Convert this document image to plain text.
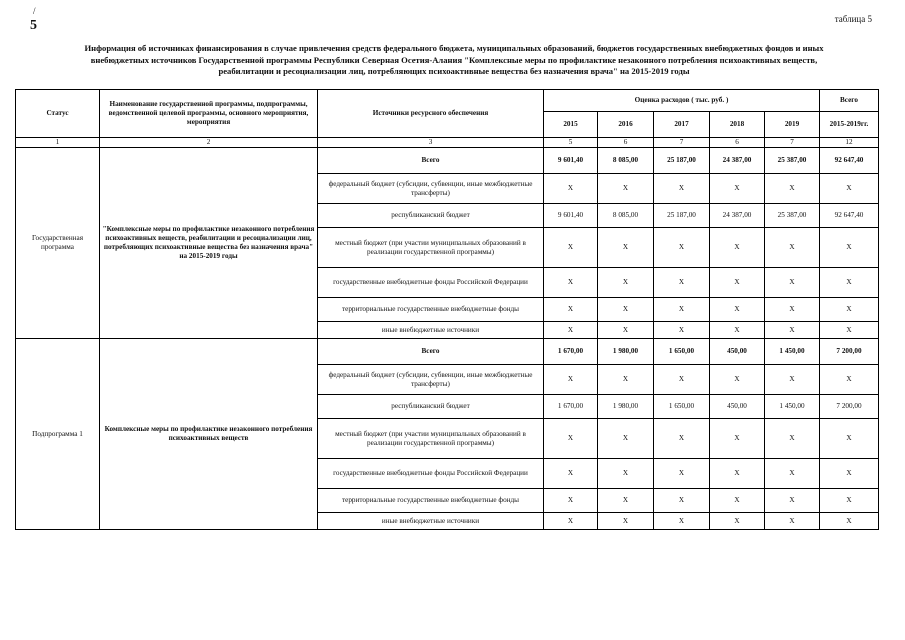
/
5	таблица 5
Информация об источниках финансирования в случае привлечения средств федерального бюджета, муниципальных образований, бюджетов государственных внебюджетных фондов и иных
внебюджетных источников Государственной программы Республики Северная Осетия-Алания "Комплексные меры по профилактике незаконного потребления психоактивных веществ,
реабилитации и ресоциализации лиц, потребляющих психоактивные вещества без назначения врача" на 2015-2019 годы
Статус	Наименование государственной программы, подпрограммы, ведомственной целевой программы, основного мероприятия, мероприятия	Источники ресурсного обеспечения	Оценка расходов ( тыс. руб. )					Всего
			2015	2016	2017	2018	2019	2015-2019гг.
1	2	3	5	6	7	6	7	12
Государственная программа	"Комплексные меры по профилактике незаконного потребления психоактивных веществ, реабилитации и ресоциализации лиц, потребляющих психоактивные вещества без назначения врача" на 2015-2019 годы	Всего	9 601,40	8 085,00	25 187,00	24 387,00	25 387,00	92 647,40
		федеральный бюджет (субсидии, субвенции, иные межбюджетные трансферты)	X	X	X	X	X	X
		республиканский бюджет	9 601,40	8 085,00	25 187,00	24 387,00	25 387,00	92 647,40
		местный бюджет (при участии муниципальных образований в реализации государственной программы)	X	X	X	X	X	X
		государственные внебюджетные фонды Российской Федерации	X	X	X	X	X	X
		территориальные государственные внебюджетные фонды	X	X	X	X	X	X
		иные внебюджетные источники	X	X	X	X	X	X
Подпрограмма 1	Комплексные меры по профилактике незаконного потребления психоактивных веществ	Всего	1 670,00	1 980,00	1 650,00	450,00	1 450,00	7 200,00
		федеральный бюджет (субсидии, субвенции, иные межбюджетные трансферты)	X	X	X	X	X	X
		республиканский бюджет	1 670,00	1 980,00	1 650,00	450,00	1 450,00	7 200,00
		местный бюджет (при участии муниципальных образований в реализации государственной программы)	X	X	X	X	X	X
		государственные внебюджетные фонды Российской Федерации	X	X	X	X	X	X
		территориальные государственные внебюджетные фонды	X	X	X	X	X	X
		иные внебюджетные источники	X	X	X	X	X	X
